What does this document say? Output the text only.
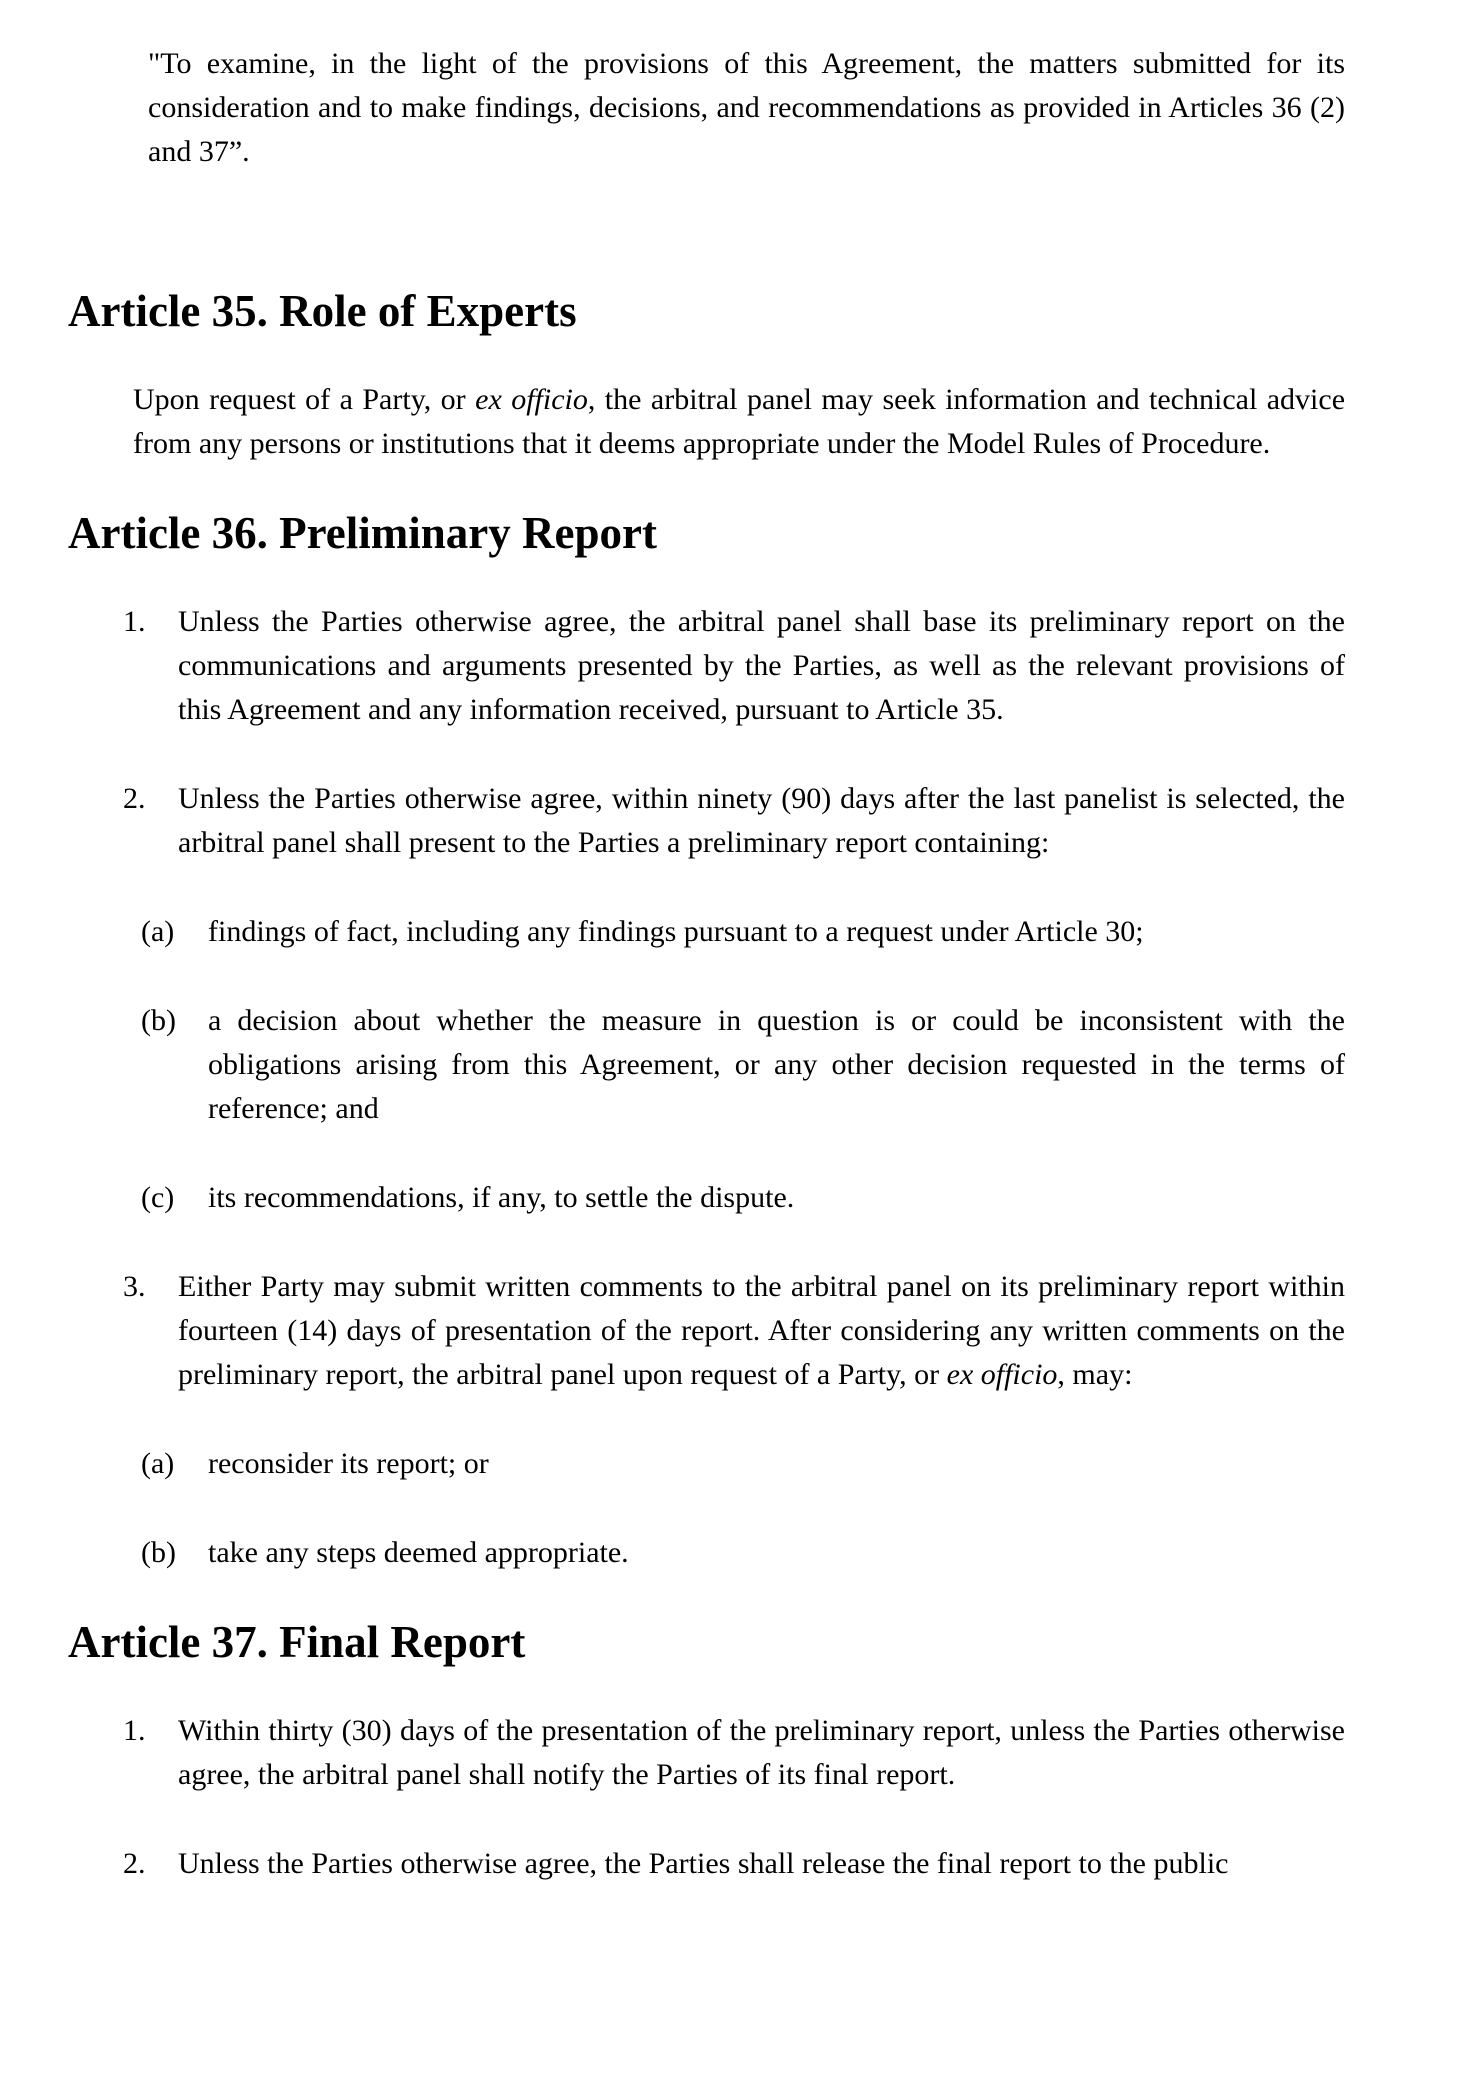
"To examine, in the light of the provisions of this Agreement, the matters submitted for its consideration and to make findings, decisions, and recommendations as provided in Articles 36 (2) and 37”.

Article 35. Role of Experts

Upon request of a Party, or ex officio, the arbitral panel may seek information and technical advice from any persons or institutions that it deems appropriate under the Model Rules of Procedure.

Article 36. Preliminary Report
1. Unless the Parties otherwise agree, the arbitral panel shall base its preliminary report on the communications and arguments presented by the Parties, as well as the relevant provisions of this Agreement and any information received, pursuant to Article 35.
2. Unless the Parties otherwise agree, within ninety (90) days after the last panelist is selected, the arbitral panel shall present to the Parties a preliminary report containing:
(a) findings of fact, including any findings pursuant to a request under Article 30;
(b) a decision about whether the measure in question is or could be inconsistent with the obligations arising from this Agreement, or any other decision requested in the terms of reference; and
(c) its recommendations, if any, to settle the dispute.
3. Either Party may submit written comments to the arbitral panel on its preliminary report within fourteen (14) days of presentation of the report. After considering any written comments on the preliminary report, the arbitral panel upon request of a Party, or ex officio, may:
(a) reconsider its report; or
(b) take any steps deemed appropriate.
Article 37. Final Report
1. Within thirty (30) days of the presentation of the preliminary report, unless the Parties otherwise agree, the arbitral panel shall notify the Parties of its final report.
2. Unless the Parties otherwise agree, the Parties shall release the final report to the public
